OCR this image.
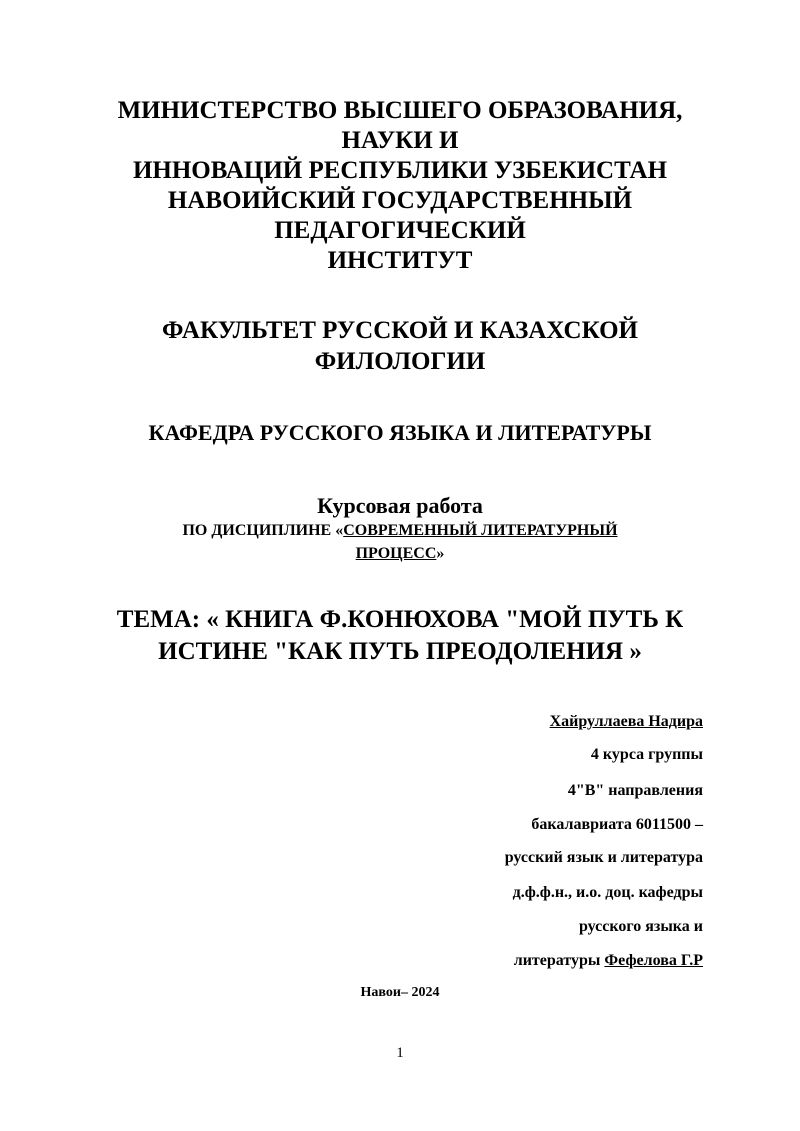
МИНИСТЕРСТВО ВЫСШЕГО ОБРАЗОВАНИЯ,
НАУКИ И
ИННОВАЦИЙ РЕСПУБЛИКИ УЗБЕКИСТАН
НАВОИЙСКИЙ ГОСУДАРСТВЕННЫЙ
ПЕДАГОГИЧЕСКИЙ
ИНСТИТУТ
ФАКУЛЬТЕТ РУССКОЙ И КАЗАХСКОЙ
ФИЛОЛОГИИ
КАФЕДРА РУССКОГО ЯЗЫКА И ЛИТЕРАТУРЫ
Курсовая работа
ПО ДИСЦИПЛИНЕ «СОВРЕМЕННЫЙ ЛИТЕРАТУРНЫЙ
ПРОЦЕСС»
ТЕМА: « КНИГА Ф.КОНЮХОВА "МОЙ ПУТЬ К
ИСТИНЕ "КАК ПУТЬ ПРЕОДОЛЕНИЯ »
Хайруллаева Надира
4 курса группы
4"В" направления
бакалавриата 6011500 –
русский язык и литература
д.ф.ф.н., и.о. доц. кафедры
русского языка и
литературы Фефелова Г.Р
Навои– 2024
1
